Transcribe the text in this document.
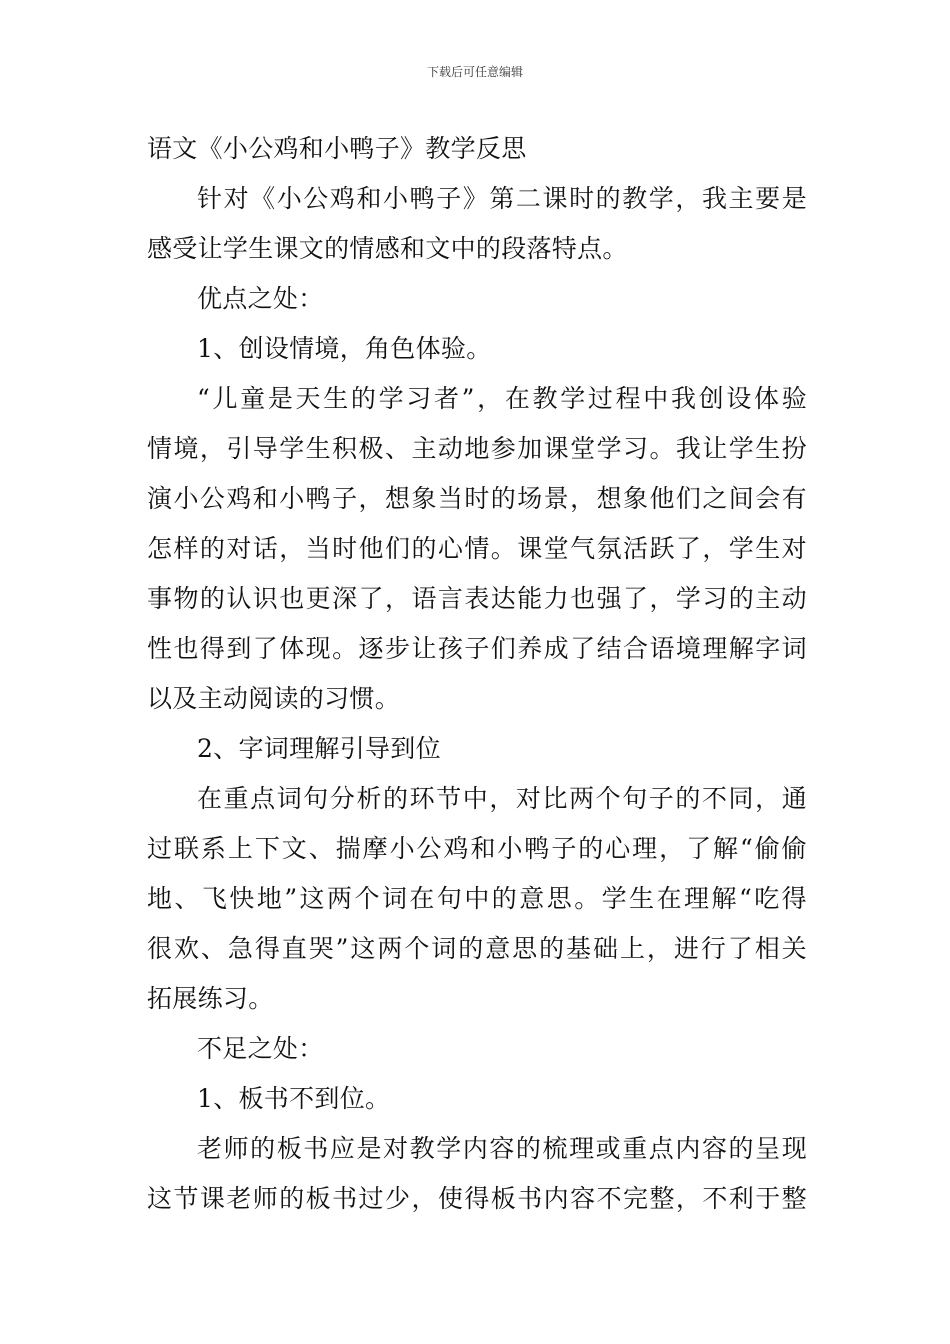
下载后可任意编辑
语文《小公鸡和小鸭子》教学反思
针对《小公鸡和小鸭子》第二课时的教学，我主要是
感受让学生课文的情感和文中的段落特点。
优点之处：
1、创设情境，角色体验。
“儿童是天生的学习者”，在教学过程中我创设体验
情境，引导学生积极、主动地参加课堂学习。我让学生扮
演小公鸡和小鸭子，想象当时的场景，想象他们之间会有
怎样的对话，当时他们的心情。课堂气氛活跃了，学生对
事物的认识也更深了，语言表达能力也强了，学习的主动
性也得到了体现。逐步让孩子们养成了结合语境理解字词
以及主动阅读的习惯。
2、字词理解引导到位
在重点词句分析的环节中，对比两个句子的不同，通
过联系上下文、揣摩小公鸡和小鸭子的心理，了解“偷偷
地、飞快地”这两个词在句中的意思。学生在理解“吃得
很欢、急得直哭”这两个词的意思的基础上，进行了相关
拓展练习。
不足之处：
1、板书不到位。
老师的板书应是对教学内容的梳理或重点内容的呈现
这节课老师的板书过少，使得板书内容不完整，不利于整
